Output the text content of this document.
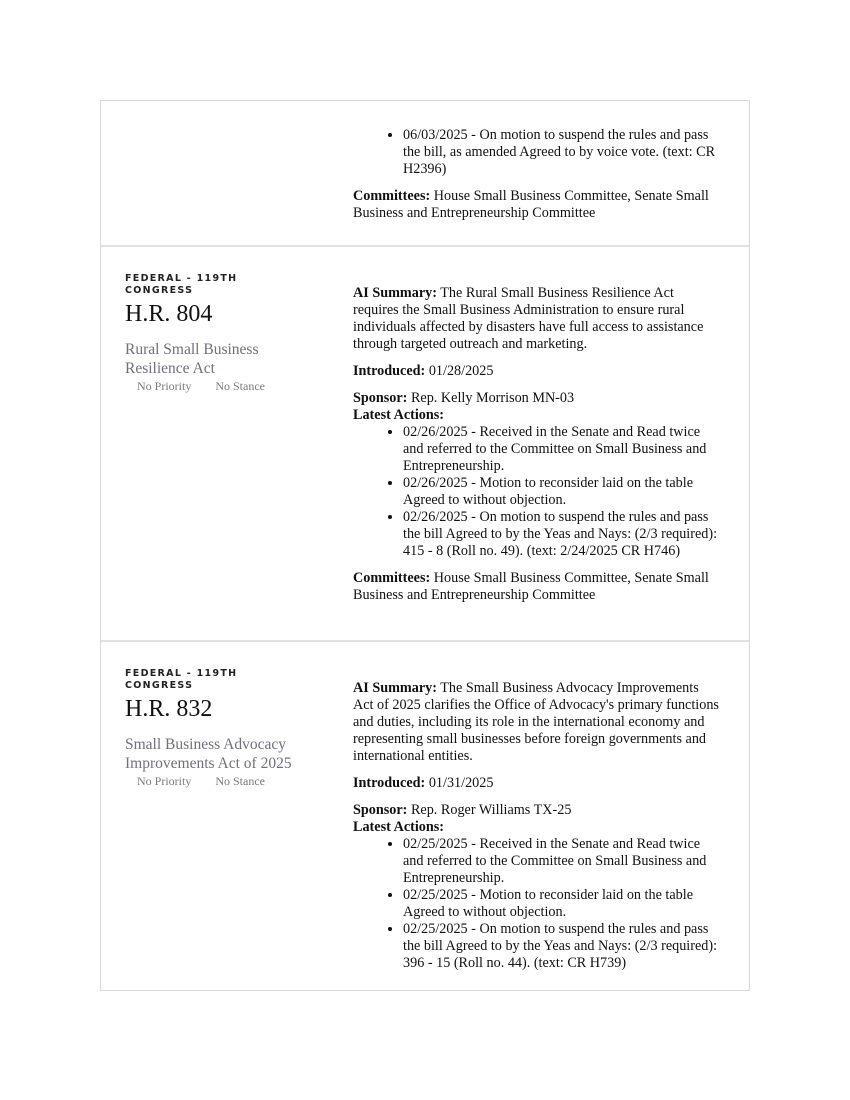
• 06/03/2025 - On motion to suspend the rules and pass the bill, as amended Agreed to by voice vote. (text: CR H2396)

Committees: House Small Business Committee, Senate Small Business and Entrepreneurship Committee

FEDERAL - 119TH CONGRESS
H.R. 804
Rural Small Business Resilience Act
No Priority No Stance

AI Summary: The Rural Small Business Resilience Act requires the Small Business Administration to ensure rural individuals affected by disasters have full access to assistance through targeted outreach and marketing.

Introduced: 01/28/2025

Sponsor: Rep. Kelly Morrison MN-03
Latest Actions:
• 02/26/2025 - Received in the Senate and Read twice and referred to the Committee on Small Business and Entrepreneurship.
• 02/26/2025 - Motion to reconsider laid on the table Agreed to without objection.
• 02/26/2025 - On motion to suspend the rules and pass the bill Agreed to by the Yeas and Nays: (2/3 required): 415 - 8 (Roll no. 49). (text: 2/24/2025 CR H746)

Committees: House Small Business Committee, Senate Small Business and Entrepreneurship Committee

FEDERAL - 119TH CONGRESS
H.R. 832
Small Business Advocacy Improvements Act of 2025
No Priority No Stance

AI Summary: The Small Business Advocacy Improvements Act of 2025 clarifies the Office of Advocacy's primary functions and duties, including its role in the international economy and representing small businesses before foreign governments and international entities.

Introduced: 01/31/2025

Sponsor: Rep. Roger Williams TX-25
Latest Actions:
• 02/25/2025 - Received in the Senate and Read twice and referred to the Committee on Small Business and Entrepreneurship.
• 02/25/2025 - Motion to reconsider laid on the table Agreed to without objection.
• 02/25/2025 - On motion to suspend the rules and pass the bill Agreed to by the Yeas and Nays: (2/3 required): 396 - 15 (Roll no. 44). (text: CR H739)
